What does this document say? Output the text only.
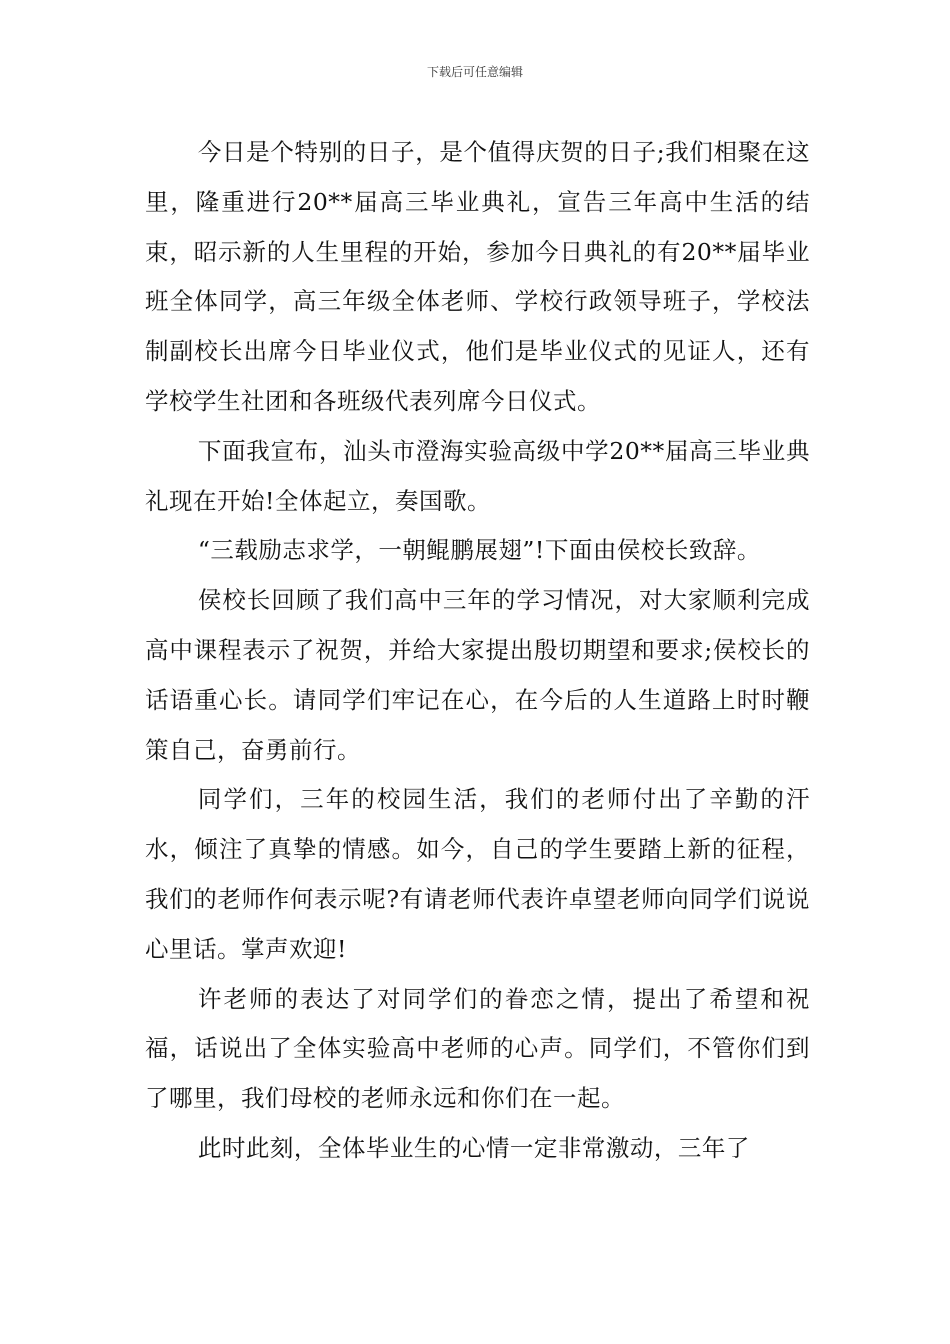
下载后可任意编辑

今日是个特别的日子，是个值得庆贺的日子;我们相聚在这里，隆重进行20**届高三毕业典礼，宣告三年高中生活的结束，昭示新的人生里程的开始，参加今日典礼的有20**届毕业班全体同学，高三年级全体老师、学校行政领导班子，学校法制副校长出席今日毕业仪式，他们是毕业仪式的见证人，还有学校学生社团和各班级代表列席今日仪式。

下面我宣布，汕头市澄海实验高级中学20**届高三毕业典礼现在开始!全体起立，奏国歌。

“三载励志求学，一朝鲲鹏展翅”!下面由侯校长致辞。

侯校长回顾了我们高中三年的学习情况，对大家顺利完成高中课程表示了祝贺，并给大家提出殷切期望和要求;侯校长的话语重心长。请同学们牢记在心，在今后的人生道路上时时鞭策自己，奋勇前行。

同学们，三年的校园生活，我们的老师付出了辛勤的汗水，倾注了真挚的情感。如今，自己的学生要踏上新的征程，我们的老师作何表示呢?有请老师代表许卓望老师向同学们说说心里话。掌声欢迎!

许老师的表达了对同学们的眷恋之情，提出了希望和祝福，话说出了全体实验高中老师的心声。同学们，不管你们到了哪里，我们母校的老师永远和你们在一起。

此时此刻，全体毕业生的心情一定非常激动，三年了
